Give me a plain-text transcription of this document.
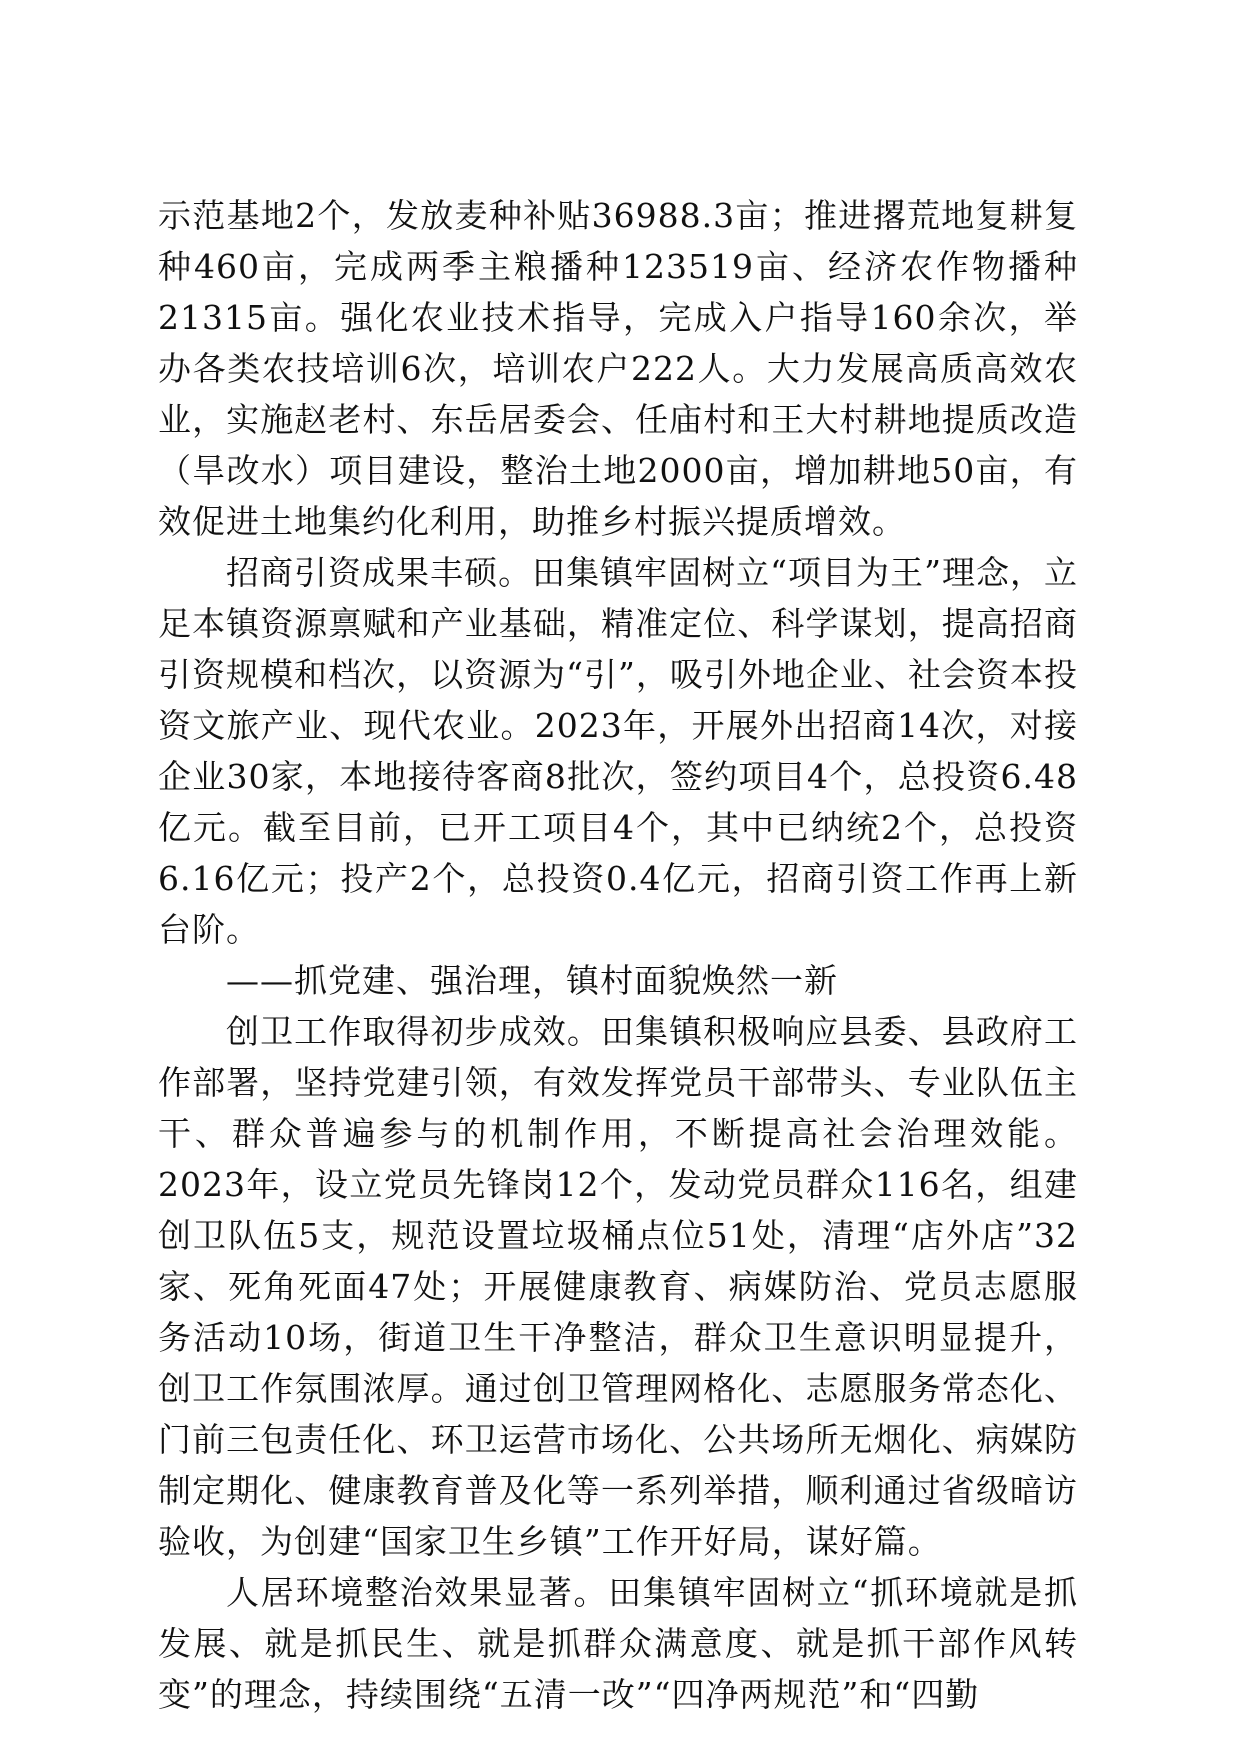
示范基地2个，发放麦种补贴36988.3亩；推进撂荒地复耕复种460亩，完成两季主粮播种123519亩、经济农作物播种21315亩。强化农业技术指导，完成入户指导160余次，举办各类农技培训6次，培训农户222人。大力发展高质高效农业，实施赵老村、东岳居委会、任庙村和王大村耕地提质改造（旱改水）项目建设，整治土地2000亩，增加耕地50亩，有效促进土地集约化利用，助推乡村振兴提质增效。

招商引资成果丰硕。田集镇牢固树立“项目为王”理念，立足本镇资源禀赋和产业基础，精准定位、科学谋划，提高招商引资规模和档次，以资源为“引”，吸引外地企业、社会资本投资文旅产业、现代农业。2023年，开展外出招商14次，对接企业30家，本地接待客商8批次，签约项目4个，总投资6.48亿元。截至目前，已开工项目4个，其中已纳统2个，总投资6.16亿元；投产2个，总投资0.4亿元，招商引资工作再上新台阶。

——抓党建、强治理，镇村面貌焕然一新

创卫工作取得初步成效。田集镇积极响应县委、县政府工作部署，坚持党建引领，有效发挥党员干部带头、专业队伍主干、群众普遍参与的机制作用，不断提高社会治理效能。2023年，设立党员先锋岗12个，发动党员群众116名，组建创卫队伍5支，规范设置垃圾桶点位51处，清理“店外店”32家、死角死面47处；开展健康教育、病媒防治、党员志愿服务活动10场，街道卫生干净整洁，群众卫生意识明显提升，创卫工作氛围浓厚。通过创卫管理网格化、志愿服务常态化、门前三包责任化、环卫运营市场化、公共场所无烟化、病媒防制定期化、健康教育普及化等一系列举措，顺利通过省级暗访验收，为创建“国家卫生乡镇”工作开好局，谋好篇。

人居环境整治效果显著。田集镇牢固树立“抓环境就是抓发展、就是抓民生、就是抓群众满意度、就是抓干部作风转变”的理念，持续围绕“五清一改”“四净两规范”和“四勤
